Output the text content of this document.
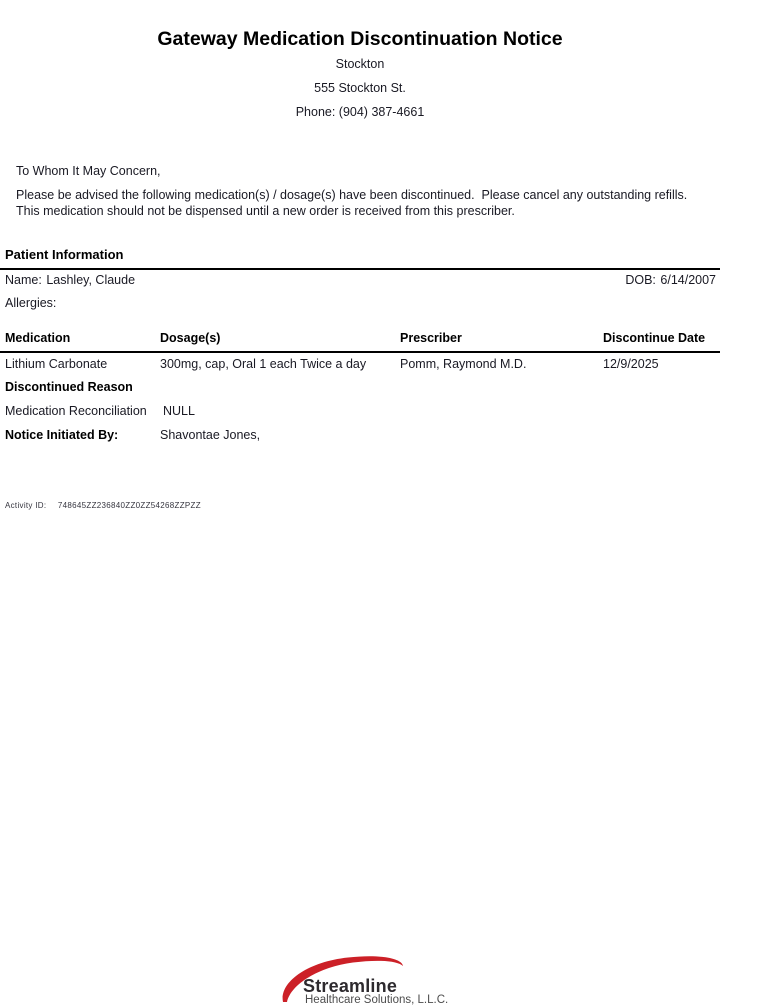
Gateway Medication Discontinuation Notice
Stockton
555 Stockton St.
Phone: (904) 387-4661
To Whom It May Concern,
Please be advised the following medication(s) / dosage(s) have been discontinued.  Please cancel any outstanding refills.  This medication should not be dispensed until a new order is received from this prescriber.
Patient Information
Name: Lashley, Claude	DOB: 6/14/2007
Allergies:
Medication	Dosage(s)	Prescriber	Discontinue Date
Lithium Carbonate	300mg, cap, Oral 1 each Twice a day	Pomm, Raymond M.D.	12/9/2025
Discontinued Reason
Medication Reconciliation NULL
Notice Initiated By:	Shavontae Jones,
Activity ID: 748645ZZ236840ZZ0ZZ54268ZZPZZ
Streamline
Healthcare Solutions, L.L.C.
